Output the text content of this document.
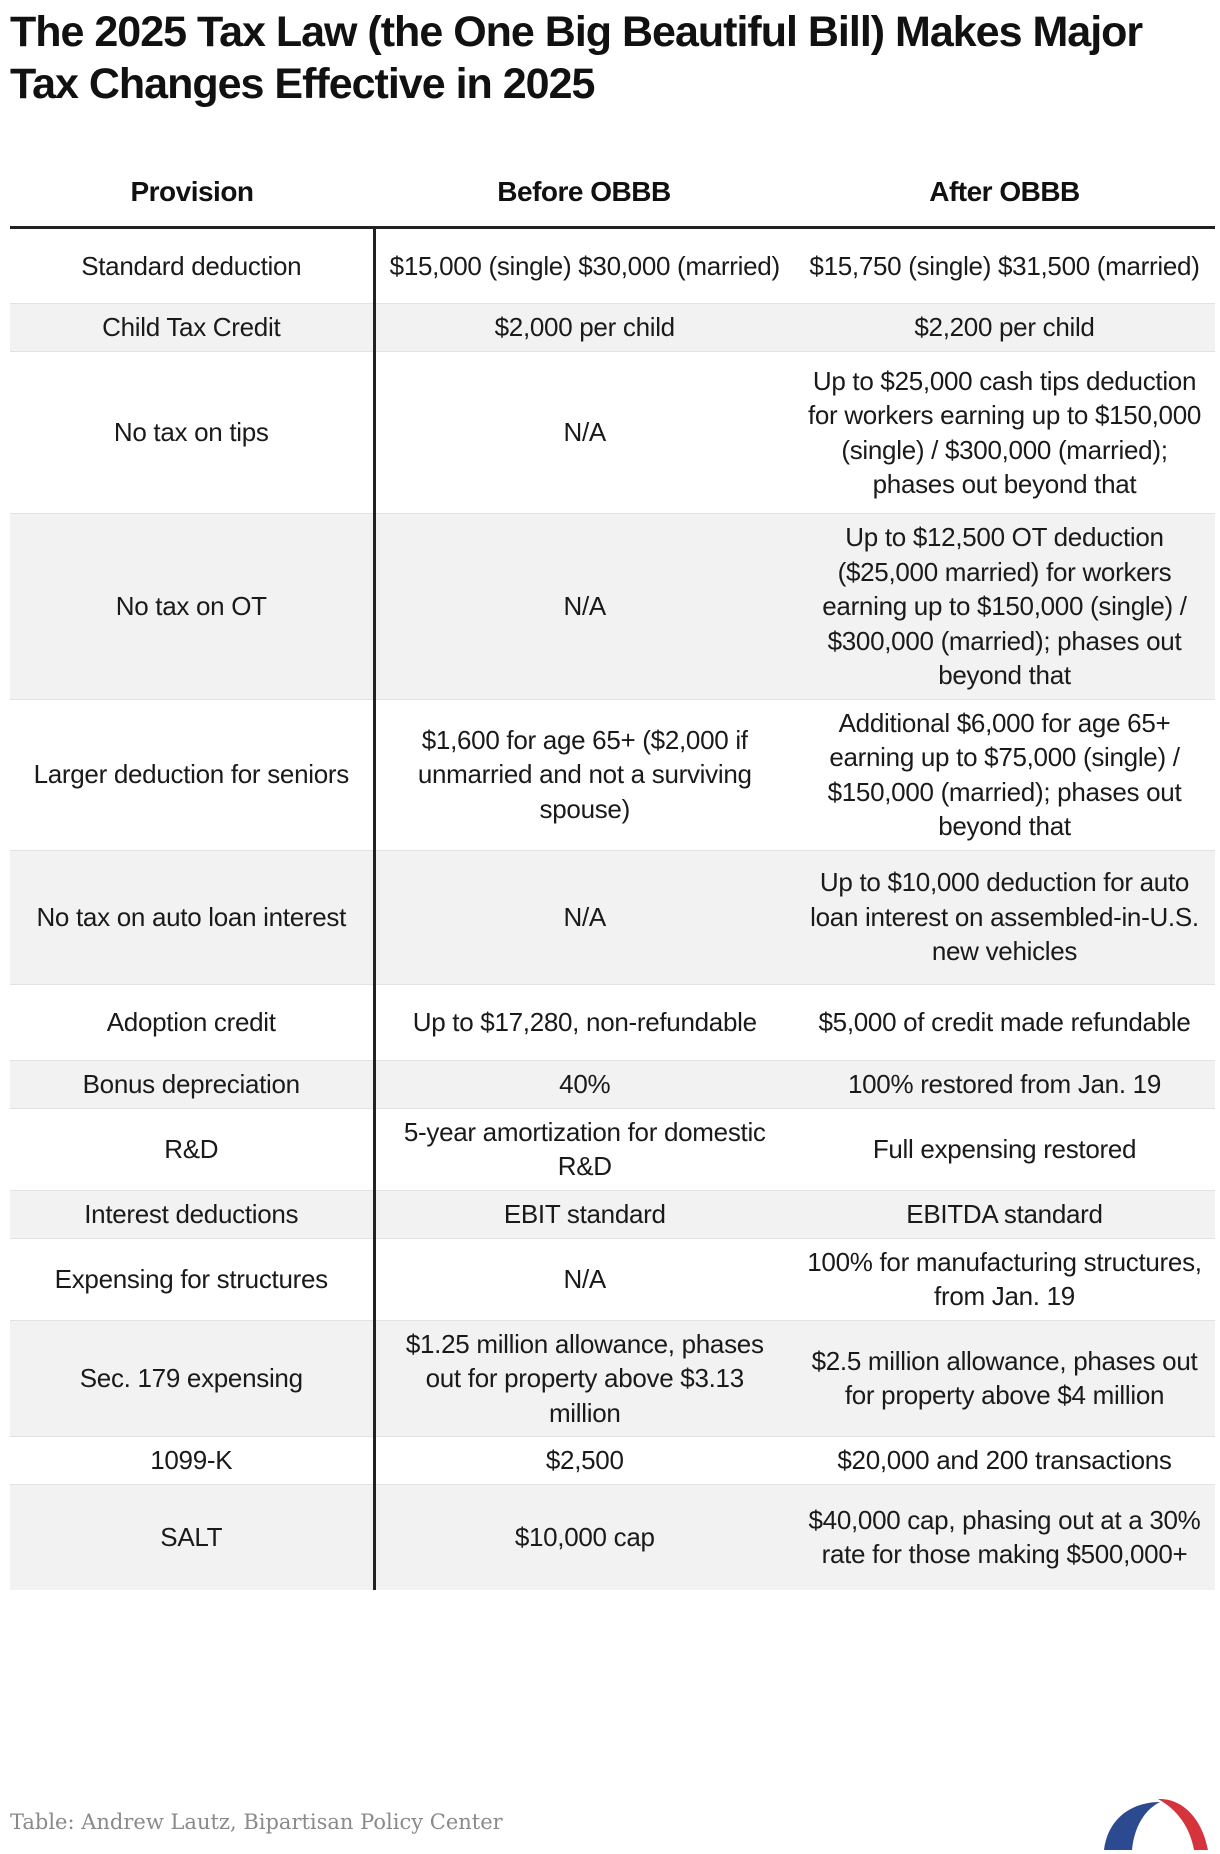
The 2025 Tax Law (the One Big Beautiful Bill) Makes Major Tax Changes Effective in 2025
Provision	Before OBBB	After OBBB
Standard deduction	$15,000 (single) $30,000 (married)	$15,750 (single) $31,500 (married)
Child Tax Credit	$2,000 per child	$2,200 per child
No tax on tips	N/A	Up to $25,000 cash tips deduction for workers earning up to $150,000 (single) / $300,000 (married); phases out beyond that
No tax on OT	N/A	Up to $12,500 OT deduction ($25,000 married) for workers earning up to $150,000 (single) / $300,000 (married); phases out beyond that
Larger deduction for seniors	$1,600 for age 65+ ($2,000 if unmarried and not a surviving spouse)	Additional $6,000 for age 65+ earning up to $75,000 (single) / $150,000 (married); phases out beyond that
No tax on auto loan interest	N/A	Up to $10,000 deduction for auto loan interest on assembled-in-U.S. new vehicles
Adoption credit	Up to $17,280, non-refundable	$5,000 of credit made refundable
Bonus depreciation	40%	100% restored from Jan. 19
R&D	5-year amortization for domestic R&D	Full expensing restored
Interest deductions	EBIT standard	EBITDA standard
Expensing for structures	N/A	100% for manufacturing structures, from Jan. 19
Sec. 179 expensing	$1.25 million allowance, phases out for property above $3.13 million	$2.5 million allowance, phases out for property above $4 million
1099-K	$2,500	$20,000 and 200 transactions
SALT	$10,000 cap	$40,000 cap, phasing out at a 30% rate for those making $500,000+
Table: Andrew Lautz, Bipartisan Policy Center
